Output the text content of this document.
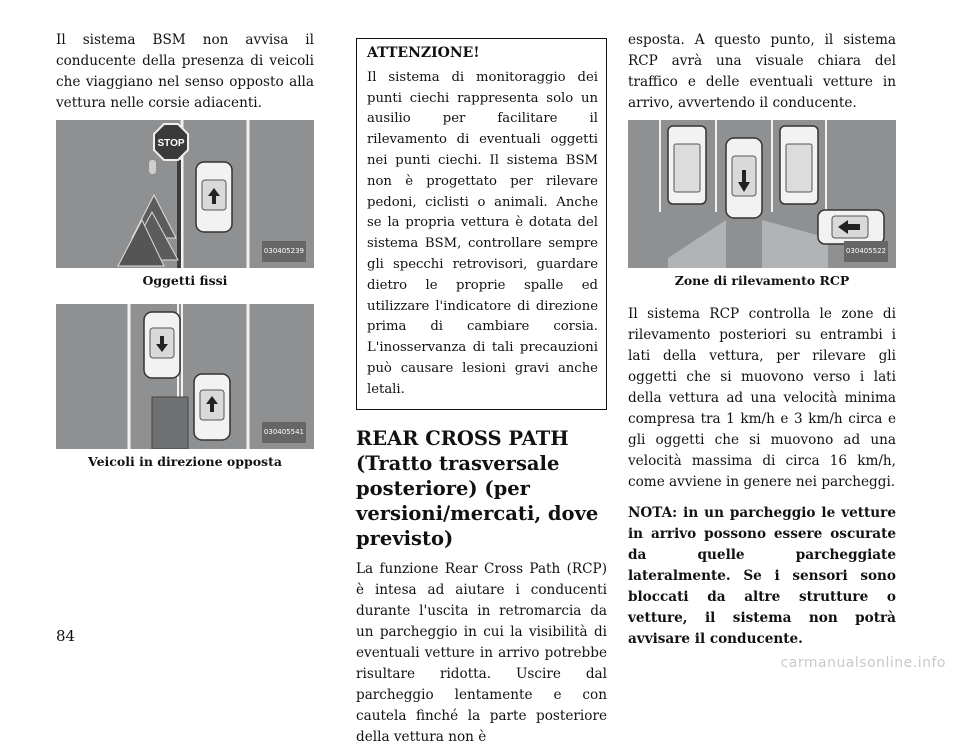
Il sistema BSM non avvisa il conducente della presenza di veicoli che viaggiano nel senso opposto alla vettura nelle corsie adiacenti.

STOP
030405239
Oggetti fissi
030405541
Veicoli in direzione opposta
ATTENZIONE!

Il sistema di monitoraggio dei punti ciechi rappresenta solo un ausilio per facilitare il rilevamento di eventuali oggetti nei punti ciechi. Il sistema BSM non è progettato per rilevare pedoni, ciclisti o animali. Anche se la propria vettura è dotata del sistema BSM, controllare sempre gli specchi retrovisori, guardare dietro le proprie spalle ed utilizzare l'indicatore di direzione prima di cambiare corsia. L'inosservanza di tali precauzioni può causare lesioni gravi anche letali.

REAR CROSS PATH (Tratto trasversale posteriore) (per versioni/mercati, dove previsto)

La funzione Rear Cross Path (RCP) è intesa ad aiutare i conducenti durante l'uscita in retromarcia da un parcheggio in cui la visibilità di eventuali vetture in arrivo potrebbe risultare ridotta. Uscire dal parcheggio lentamente e con cautela finché la parte posteriore della vettura non è

esposta. A questo punto, il sistema RCP avrà una visuale chiara del traffico e delle eventuali vetture in arrivo, avvertendo il conducente.

030405522
Zone di rilevamento RCP

Il sistema RCP controlla le zone di rilevamento posteriori su entrambi i lati della vettura, per rilevare gli oggetti che si muovono verso i lati della vettura ad una velocità minima compresa tra 1 km/h e 3 km/h circa e gli oggetti che si muovono ad una velocità massima di circa 16 km/h, come avviene in genere nei parcheggi.

NOTA: in un parcheggio le vetture in arrivo possono essere oscurate da quelle parcheggiate lateralmente. Se i sensori sono bloccati da altre strutture o vetture, il sistema non potrà avvisare il conducente.

84
carmanualsonline.info
